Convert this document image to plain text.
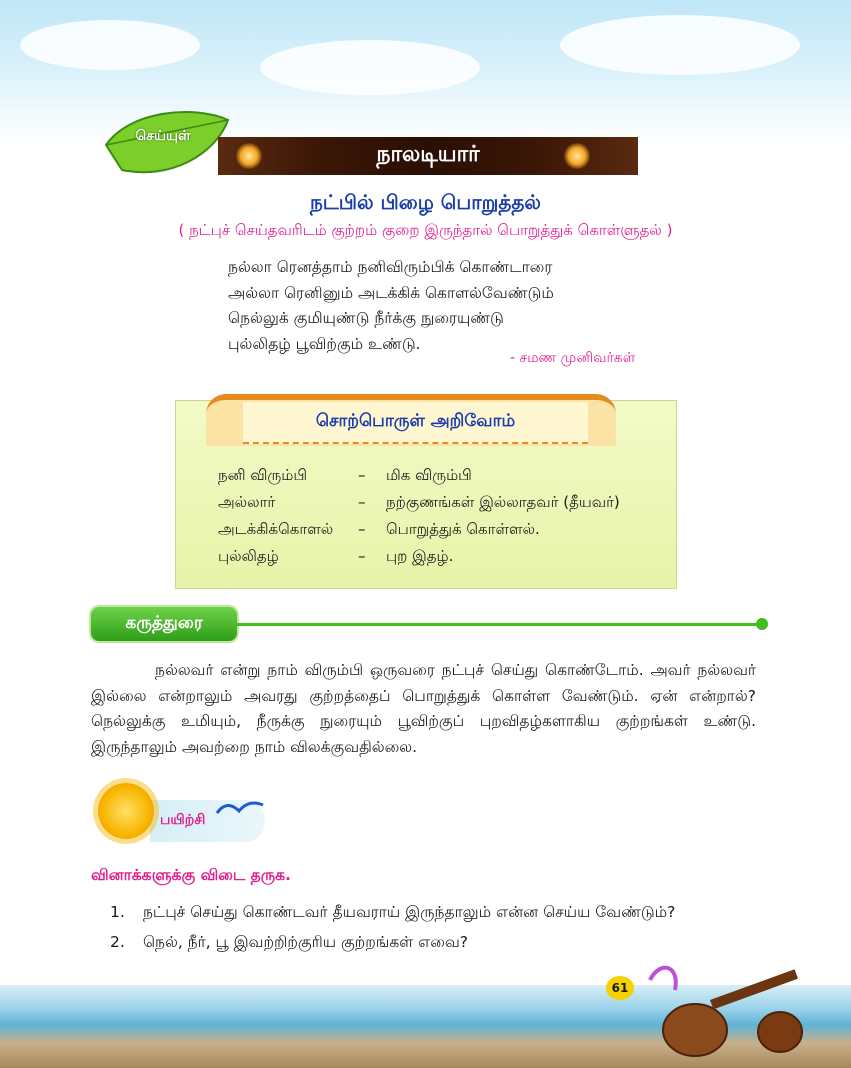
செய்யுள்
நாலடியார்
நட்பில் பிழை பொறுத்தல்
( நட்புச் செய்தவரிடம் குற்றம் குறை இருந்தால் பொறுத்துக் கொள்ளுதல் )
நல்லா ரெனத்தாம் நனிவிரும்பிக் கொண்டாரை
அல்லா ரெனினும் அடக்கிக் கொளல்வேண்டும்
நெல்லுக் குமியுண்டு நீர்க்கு நுரையுண்டு
புல்லிதழ் பூவிற்கும் உண்டு.
- சமண முனிவர்கள்
சொற்பொருள் அறிவோம்
நனி விரும்பி	– மிக விரும்பி
அல்லார்	– நற்குணங்கள் இல்லாதவர் (தீயவர்)
அடக்கிக்கொளல் – பொறுத்துக் கொள்ளல்.
புல்லிதழ்	– புற இதழ்.
கருத்துரை
நல்லவர் என்று நாம் விரும்பி ஒருவரை நட்புச் செய்து கொண்டோம். அவர் நல்லவர் இல்லை என்றாலும் அவரது குற்றத்தைப் பொறுத்துக் கொள்ள வேண்டும். ஏன் என்றால்? நெல்லுக்கு உமியும், நீருக்கு நுரையும் பூவிற்குப் புறவிதழ்களாகிய குற்றங்கள் உண்டு. இருந்தாலும் அவற்றை நாம் விலக்குவதில்லை.
பயிற்சி
வினாக்களுக்கு விடை தருக.
1. நட்புச் செய்து கொண்டவர் தீயவராய் இருந்தாலும் என்ன செய்ய வேண்டும்?
2. நெல், நீர், பூ இவற்றிற்குரிய குற்றங்கள் எவை?
61
